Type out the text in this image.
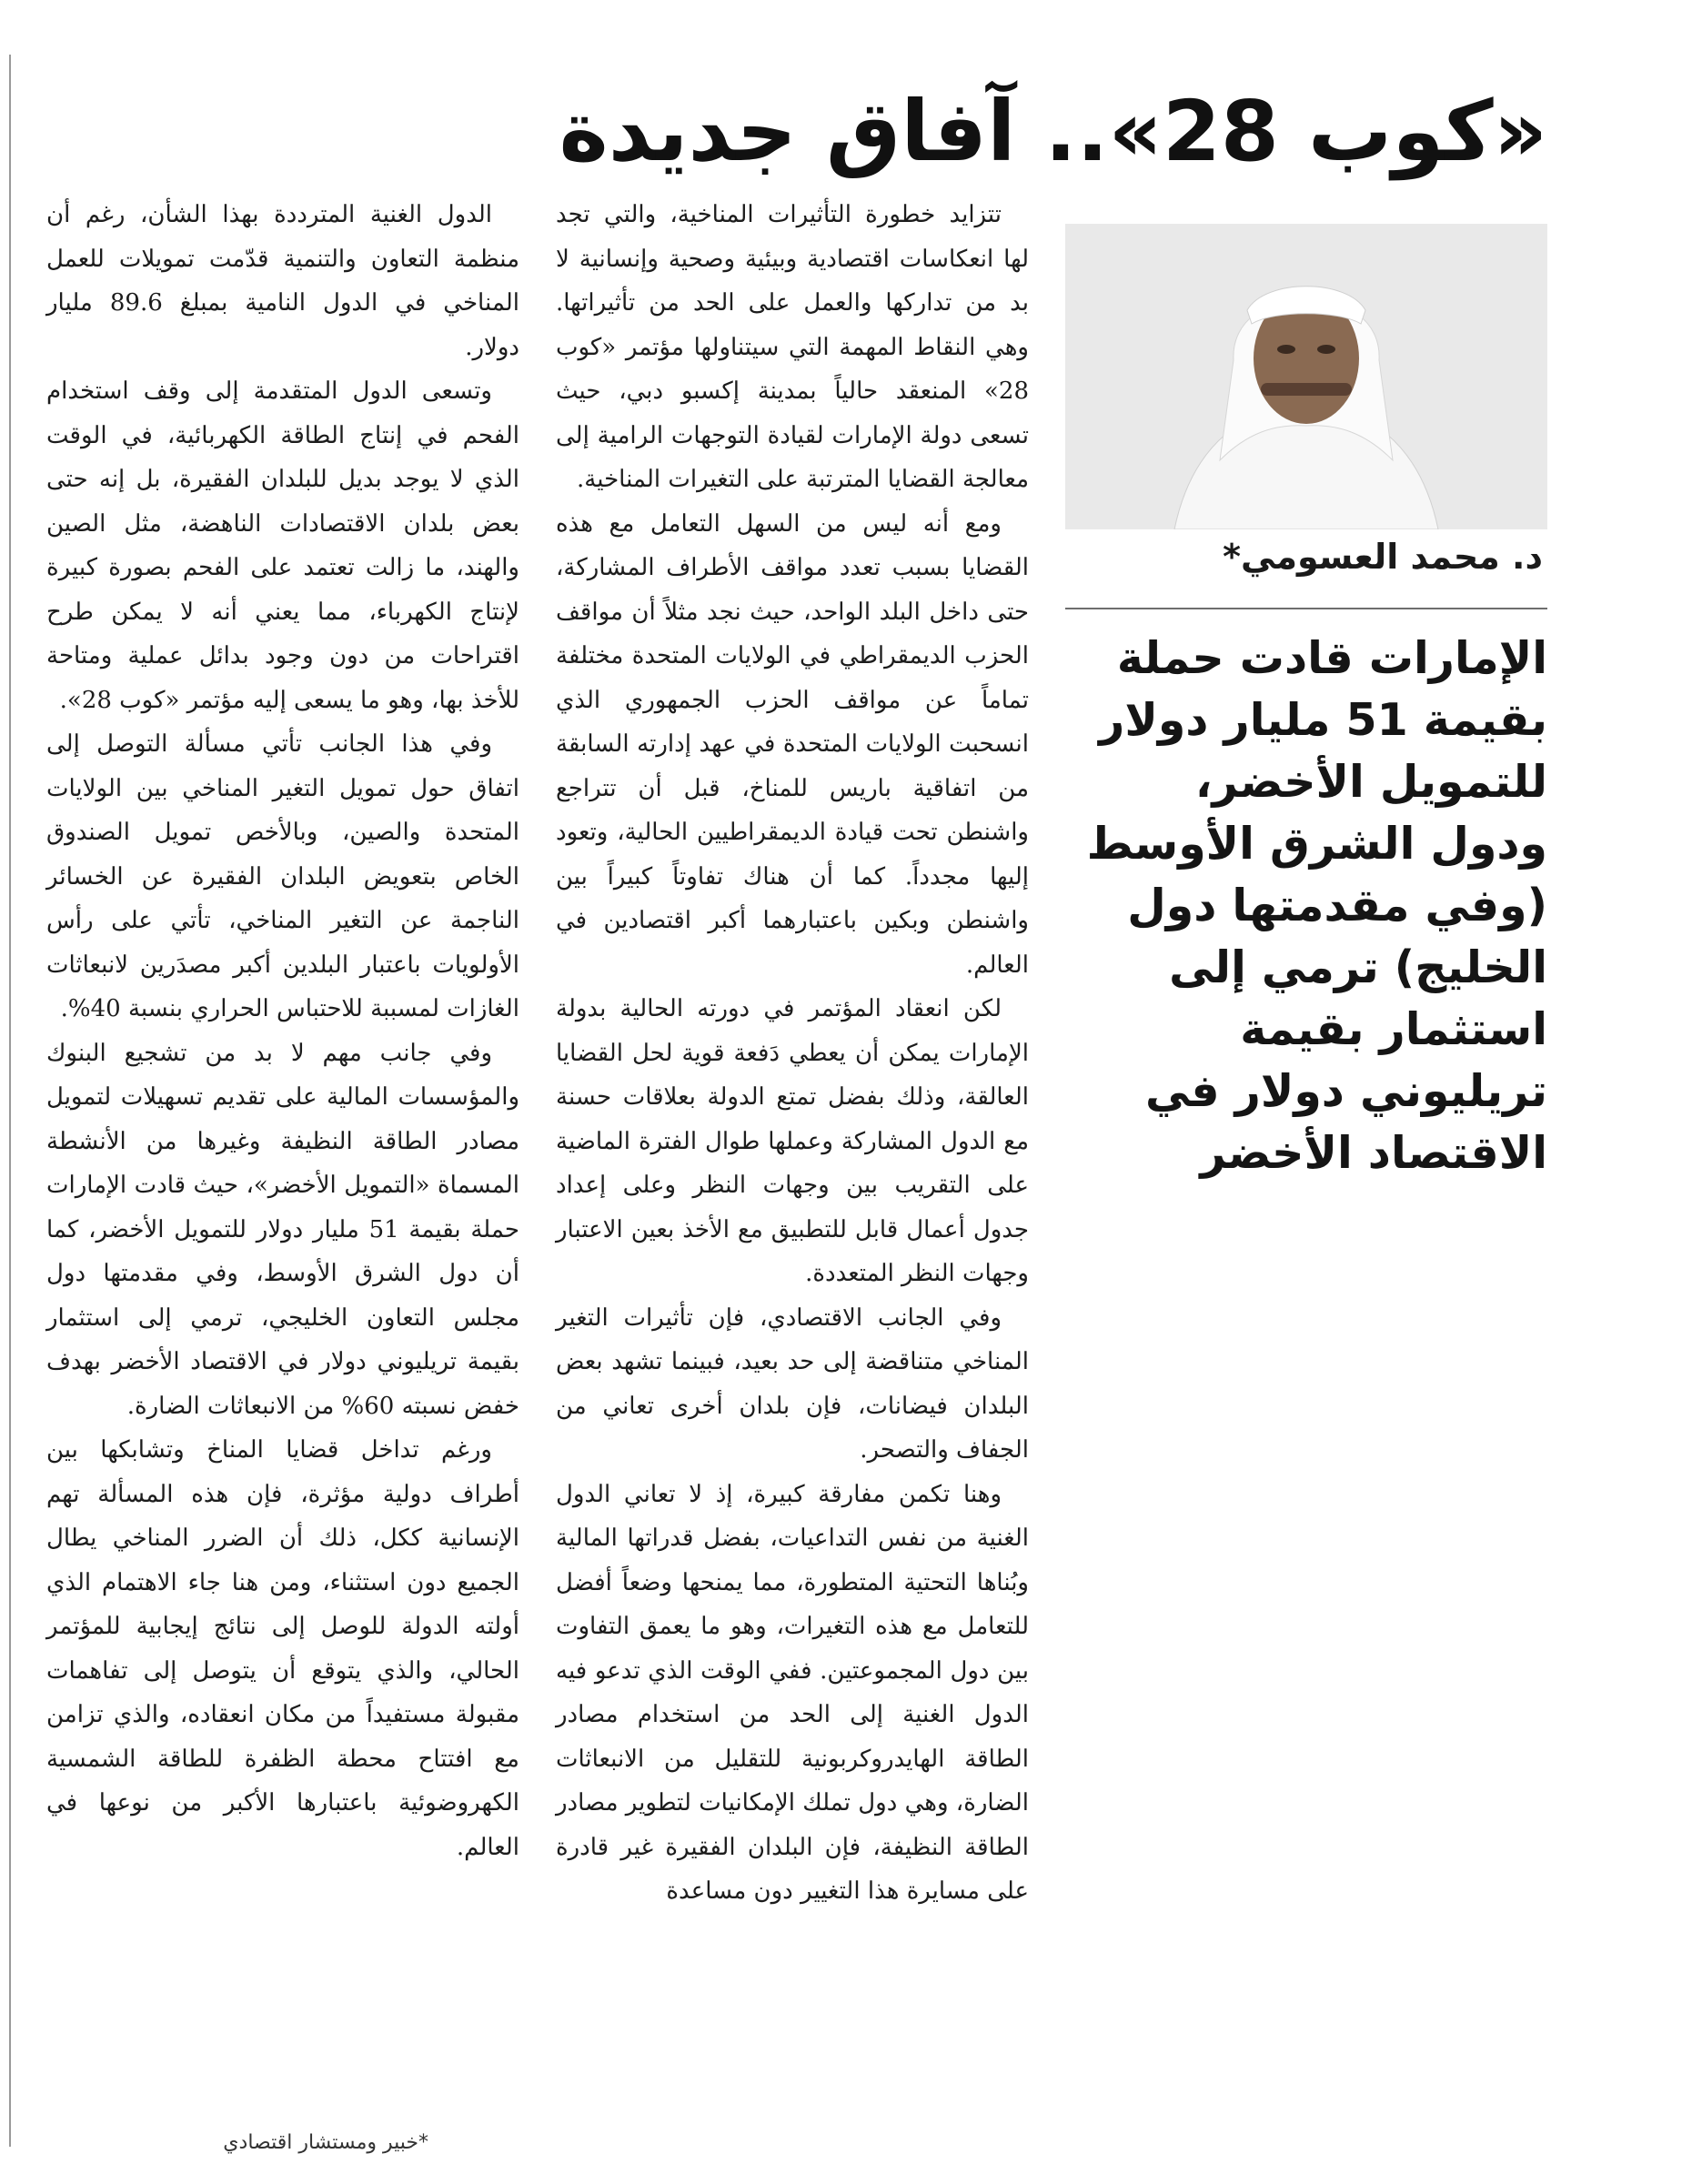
«كوب 28».. آفاق جديدة
د. محمد العسومي*
الإمارات قادت حملة بقيمة 51 مليار دولار للتمويل الأخضر، ودول الشرق الأوسط (وفي مقدمتها دول الخليج) ترمي إلى استثمار بقيمة تريليوني دولار في الاقتصاد الأخضر

تتزايد خطورة التأثيرات المناخية، والتي تجد لها انعكاسات اقتصادية وبيئية وصحية وإنسانية لا بد من تداركها والعمل على الحد من تأثيراتها. وهي النقاط المهمة التي سيتناولها مؤتمر «كوب 28» المنعقد حالياً بمدينة إكسبو دبي، حيث تسعى دولة الإمارات لقيادة التوجهات الرامية إلى معالجة القضايا المترتبة على التغيرات المناخية.

ومع أنه ليس من السهل التعامل مع هذه القضايا بسبب تعدد مواقف الأطراف المشاركة، حتى داخل البلد الواحد، حيث نجد مثلاً أن مواقف الحزب الديمقراطي في الولايات المتحدة مختلفة تماماً عن مواقف الحزب الجمهوري الذي انسحبت الولايات المتحدة في عهد إدارته السابقة من اتفاقية باريس للمناخ، قبل أن تتراجع واشنطن تحت قيادة الديمقراطيين الحالية، وتعود إليها مجدداً. كما أن هناك تفاوتاً كبيراً بين واشنطن وبكين باعتبارهما أكبر اقتصادين في العالم.

لكن انعقاد المؤتمر في دورته الحالية بدولة الإمارات يمكن أن يعطي دَفعة قوية لحل القضايا العالقة، وذلك بفضل تمتع الدولة بعلاقات حسنة مع الدول المشاركة وعملها طوال الفترة الماضية على التقريب بين وجهات النظر وعلى إعداد جدول أعمال قابل للتطبيق مع الأخذ بعين الاعتبار وجهات النظر المتعددة.

وفي الجانب الاقتصادي، فإن تأثيرات التغير المناخي متناقضة إلى حد بعيد، فبينما تشهد بعض البلدان فيضانات، فإن بلدان أخرى تعاني من الجفاف والتصحر.

وهنا تكمن مفارقة كبيرة، إذ لا تعاني الدول الغنية من نفس التداعيات، بفضل قدراتها المالية وبُناها التحتية المتطورة، مما يمنحها وضعاً أفضل للتعامل مع هذه التغيرات، وهو ما يعمق التفاوت بين دول المجموعتين. ففي الوقت الذي تدعو فيه الدول الغنية إلى الحد من استخدام مصادر الطاقة الهايدروكربونية للتقليل من الانبعاثات الضارة، وهي دول تملك الإمكانيات لتطوير مصادر الطاقة النظيفة، فإن البلدان الفقيرة غير قادرة على مسايرة هذا التغيير دون مساعدة

الدول الغنية المترددة بهذا الشأن، رغم أن منظمة التعاون والتنمية قدّمت تمويلات للعمل المناخي في الدول النامية بمبلغ 89.6 مليار دولار.

وتسعى الدول المتقدمة إلى وقف استخدام الفحم في إنتاج الطاقة الكهربائية، في الوقت الذي لا يوجد بديل للبلدان الفقيرة، بل إنه حتى بعض بلدان الاقتصادات الناهضة، مثل الصين والهند، ما زالت تعتمد على الفحم بصورة كبيرة لإنتاج الكهرباء، مما يعني أنه لا يمكن طرح اقتراحات من دون وجود بدائل عملية ومتاحة للأخذ بها، وهو ما يسعى إليه مؤتمر «كوب 28».

وفي هذا الجانب تأتي مسألة التوصل إلى اتفاق حول تمويل التغير المناخي بين الولايات المتحدة والصين، وبالأخص تمويل الصندوق الخاص بتعويض البلدان الفقيرة عن الخسائر الناجمة عن التغير المناخي، تأتي على رأس الأولويات باعتبار البلدين أكبر مصدَرين لانبعاثات الغازات لمسببة للاحتباس الحراري بنسبة 40%.

وفي جانب مهم لا بد من تشجيع البنوك والمؤسسات المالية على تقديم تسهيلات لتمويل مصادر الطاقة النظيفة وغيرها من الأنشطة المسماة «التمويل الأخضر»، حيث قادت الإمارات حملة بقيمة 51 مليار دولار للتمويل الأخضر، كما أن دول الشرق الأوسط، وفي مقدمتها دول مجلس التعاون الخليجي، ترمي إلى استثمار بقيمة تريليوني دولار في الاقتصاد الأخضر بهدف خفض نسبته 60% من الانبعاثات الضارة.

ورغم تداخل قضايا المناخ وتشابكها بين أطراف دولية مؤثرة، فإن هذه المسألة تهم الإنسانية ككل، ذلك أن الضرر المناخي يطال الجميع دون استثناء، ومن هنا جاء الاهتمام الذي أولته الدولة للوصل إلى نتائج إيجابية للمؤتمر الحالي، والذي يتوقع أن يتوصل إلى تفاهمات مقبولة مستفيداً من مكان انعقاده، والذي تزامن مع افتتاح محطة الظفرة للطاقة الشمسية الكهروضوئية باعتبارها الأكبر من نوعها في العالم.

*خبير ومستشار اقتصادي
